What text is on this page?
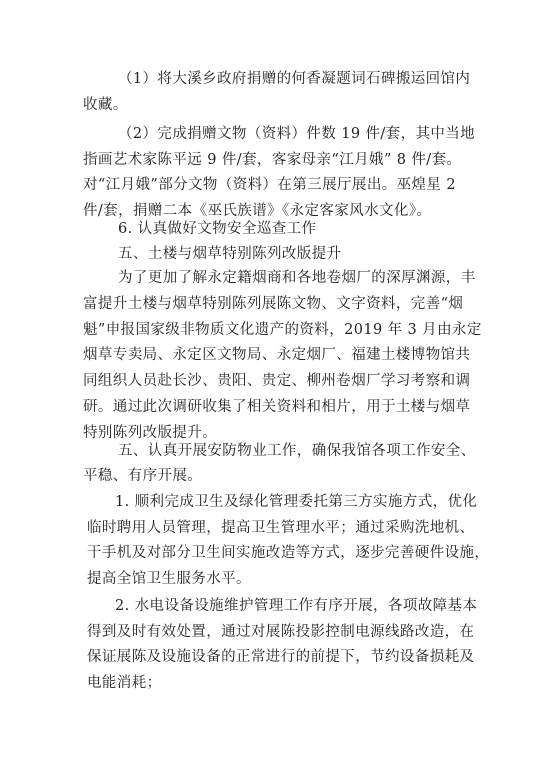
（1）将大溪乡政府捐赠的何香凝题词石碑搬运回馆内
收藏。
（2）完成捐赠文物（资料）件数 19 件/套，其中当地
指画艺术家陈平远 9 件/套，客家母亲“江月娥” 8 件/套。
对“江月娥”部分文物（资料）在第三展厅展出。巫煌星 2
件/套，捐赠二本《巫氏族谱》《永定客家风水文化》。
6. 认真做好文物安全巡查工作
五、土楼与烟草特别陈列改版提升
为了更加了解永定籍烟商和各地卷烟厂的深厚渊源，丰
富提升土楼与烟草特别陈列展陈文物、文字资料，完善“烟
魁”申报国家级非物质文化遗产的资料，2019 年 3 月由永定
烟草专卖局、永定区文物局、永定烟厂、福建土楼博物馆共
同组织人员赴长沙、贵阳、贵定、柳州卷烟厂学习考察和调
研。通过此次调研收集了相关资料和相片，用于土楼与烟草
特别陈列改版提升。
五、认真开展安防物业工作，确保我馆各项工作安全、
平稳、有序开展。
1. 顺利完成卫生及绿化管理委托第三方实施方式，优化
临时聘用人员管理，提高卫生管理水平；通过采购洗地机、
干手机及对部分卫生间实施改造等方式，逐步完善硬件设施，
提高全馆卫生服务水平。
2. 水电设备设施维护管理工作有序开展，各项故障基本
得到及时有效处置，通过对展陈投影控制电源线路改造，在
保证展陈及设施设备的正常进行的前提下，节约设备损耗及
电能消耗；
